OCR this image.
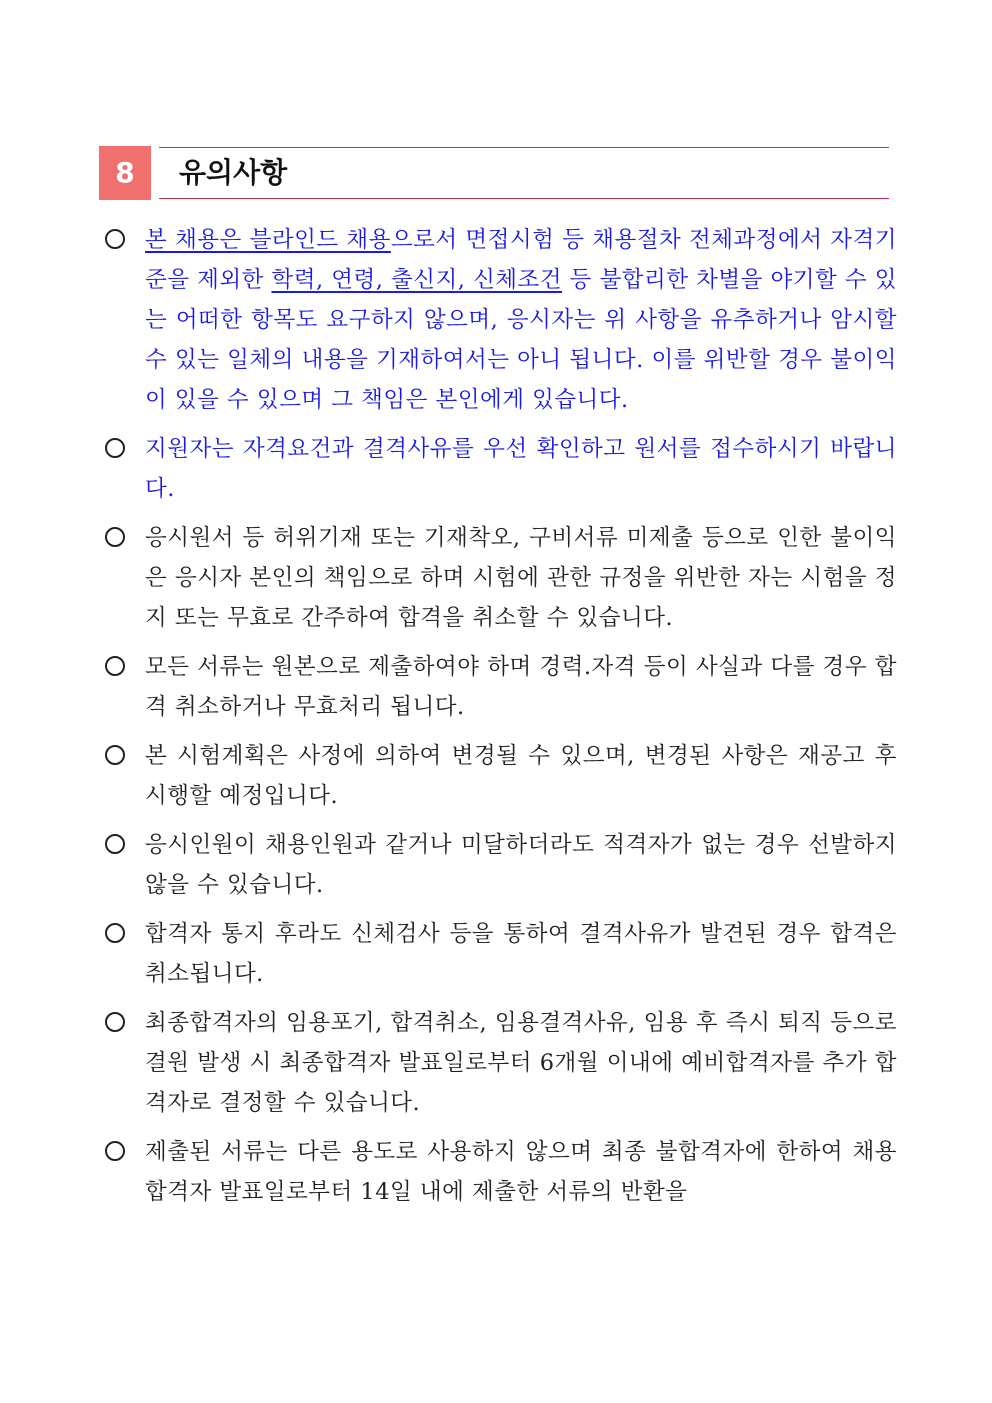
8	유의사항
본 채용은 블라인드 채용으로서 면접시험 등 채용절차 전체과정에서 자격기준을 제외한 학력, 연령, 출신지, 신체조건 등 불합리한 차별을 야기할 수 있는 어떠한 항목도 요구하지 않으며, 응시자는 위 사항을 유추하거나 암시할 수 있는 일체의 내용을 기재하여서는 아니 됩니다. 이를 위반할 경우 불이익이 있을 수 있으며 그 책임은 본인에게 있습니다.
지원자는 자격요건과 결격사유를 우선 확인하고 원서를 접수하시기 바랍니다.
응시원서 등 허위기재 또는 기재착오, 구비서류 미제출 등으로 인한 불이익은 응시자 본인의 책임으로 하며 시험에 관한 규정을 위반한 자는 시험을 정지 또는 무효로 간주하여 합격을 취소할 수 있습니다.
모든 서류는 원본으로 제출하여야 하며 경력.자격 등이 사실과 다를 경우 합격 취소하거나 무효처리 됩니다.
본 시험계획은 사정에 의하여 변경될 수 있으며, 변경된 사항은 재공고 후 시행할 예정입니다.
응시인원이 채용인원과 같거나 미달하더라도 적격자가 없는 경우 선발하지 않을 수 있습니다.
합격자 통지 후라도 신체검사 등을 통하여 결격사유가 발견된 경우 합격은 취소됩니다.
최종합격자의 임용포기, 합격취소, 임용결격사유, 임용 후 즉시 퇴직 등으로 결원 발생 시 최종합격자 발표일로부터 6개월 이내에 예비합격자를 추가 합격자로 결정할 수 있습니다.
제출된 서류는 다른 용도로 사용하지 않으며 최종 불합격자에 한하여 채용합격자 발표일로부터 14일 내에 제출한 서류의 반환을
